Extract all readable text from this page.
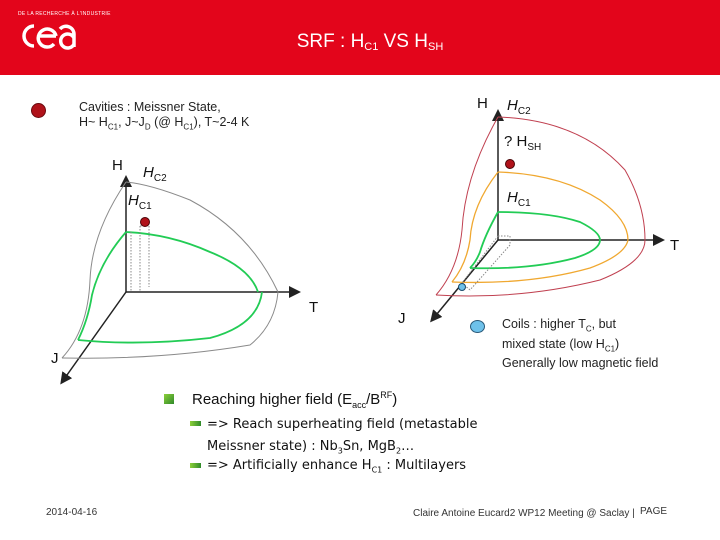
DE LA RECHERCHE À L'INDUSTRIE
SRF : $H_{C1}$ VS $H_{SH}$
Cavities : Meissner State,
H~ $H_{C1}$, $J\sim J_D$ (@ $H_{C1}$), T~2-4 K
H $H_{C2}$
$H_{C1}$
T
J
H $H_{C2}$
? $H_{SH}$
$H_{C1}$
T
J	Coils : higher $T_C$, but
mixed state (low $H_{C1}$)
Generally low magnetic field
Reaching higher field $(E_{acc}/B^{RF})$
=> Reach superheating field (metastable
Meissner state) : $Nb_3Sn$, MgB$_2$…
=> Artificially enhance $H_{C1}$ : Multilayers
2014-04-16	Claire Antoine Eucard2 WP12 Meeting @ Saclay | PAGE
